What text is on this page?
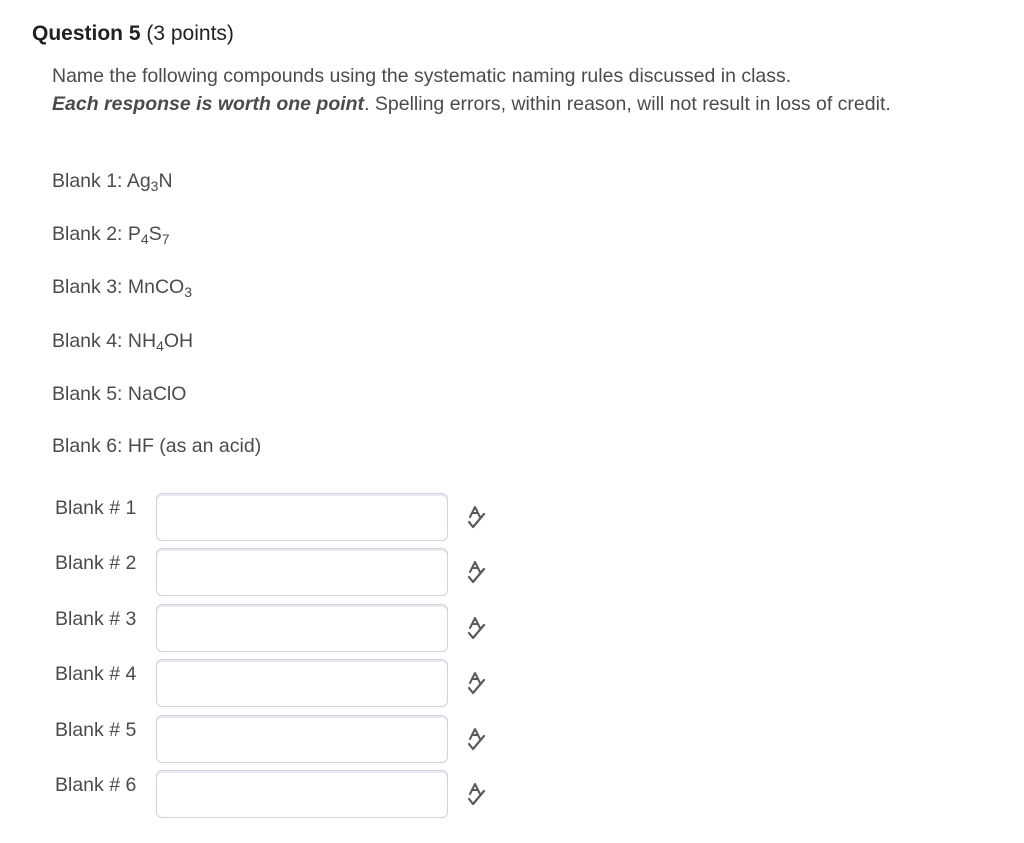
Question 5 (3 points)

Name the following compounds using the systematic naming rules discussed in class.

Each response is worth one point. Spelling errors, within reason, will not result in loss of credit.

Blank 1: $Ag_3N$
Blank 2: $P_4S_7$
Blank 3: MnCO$_3$
Blank 4: $NH_4OH$
Blank 5: NaClO
Blank 6: HF (as an acid)
Blank # 1
Blank # 2
Blank # 3
Blank # 4
Blank # 5
Blank # 6
